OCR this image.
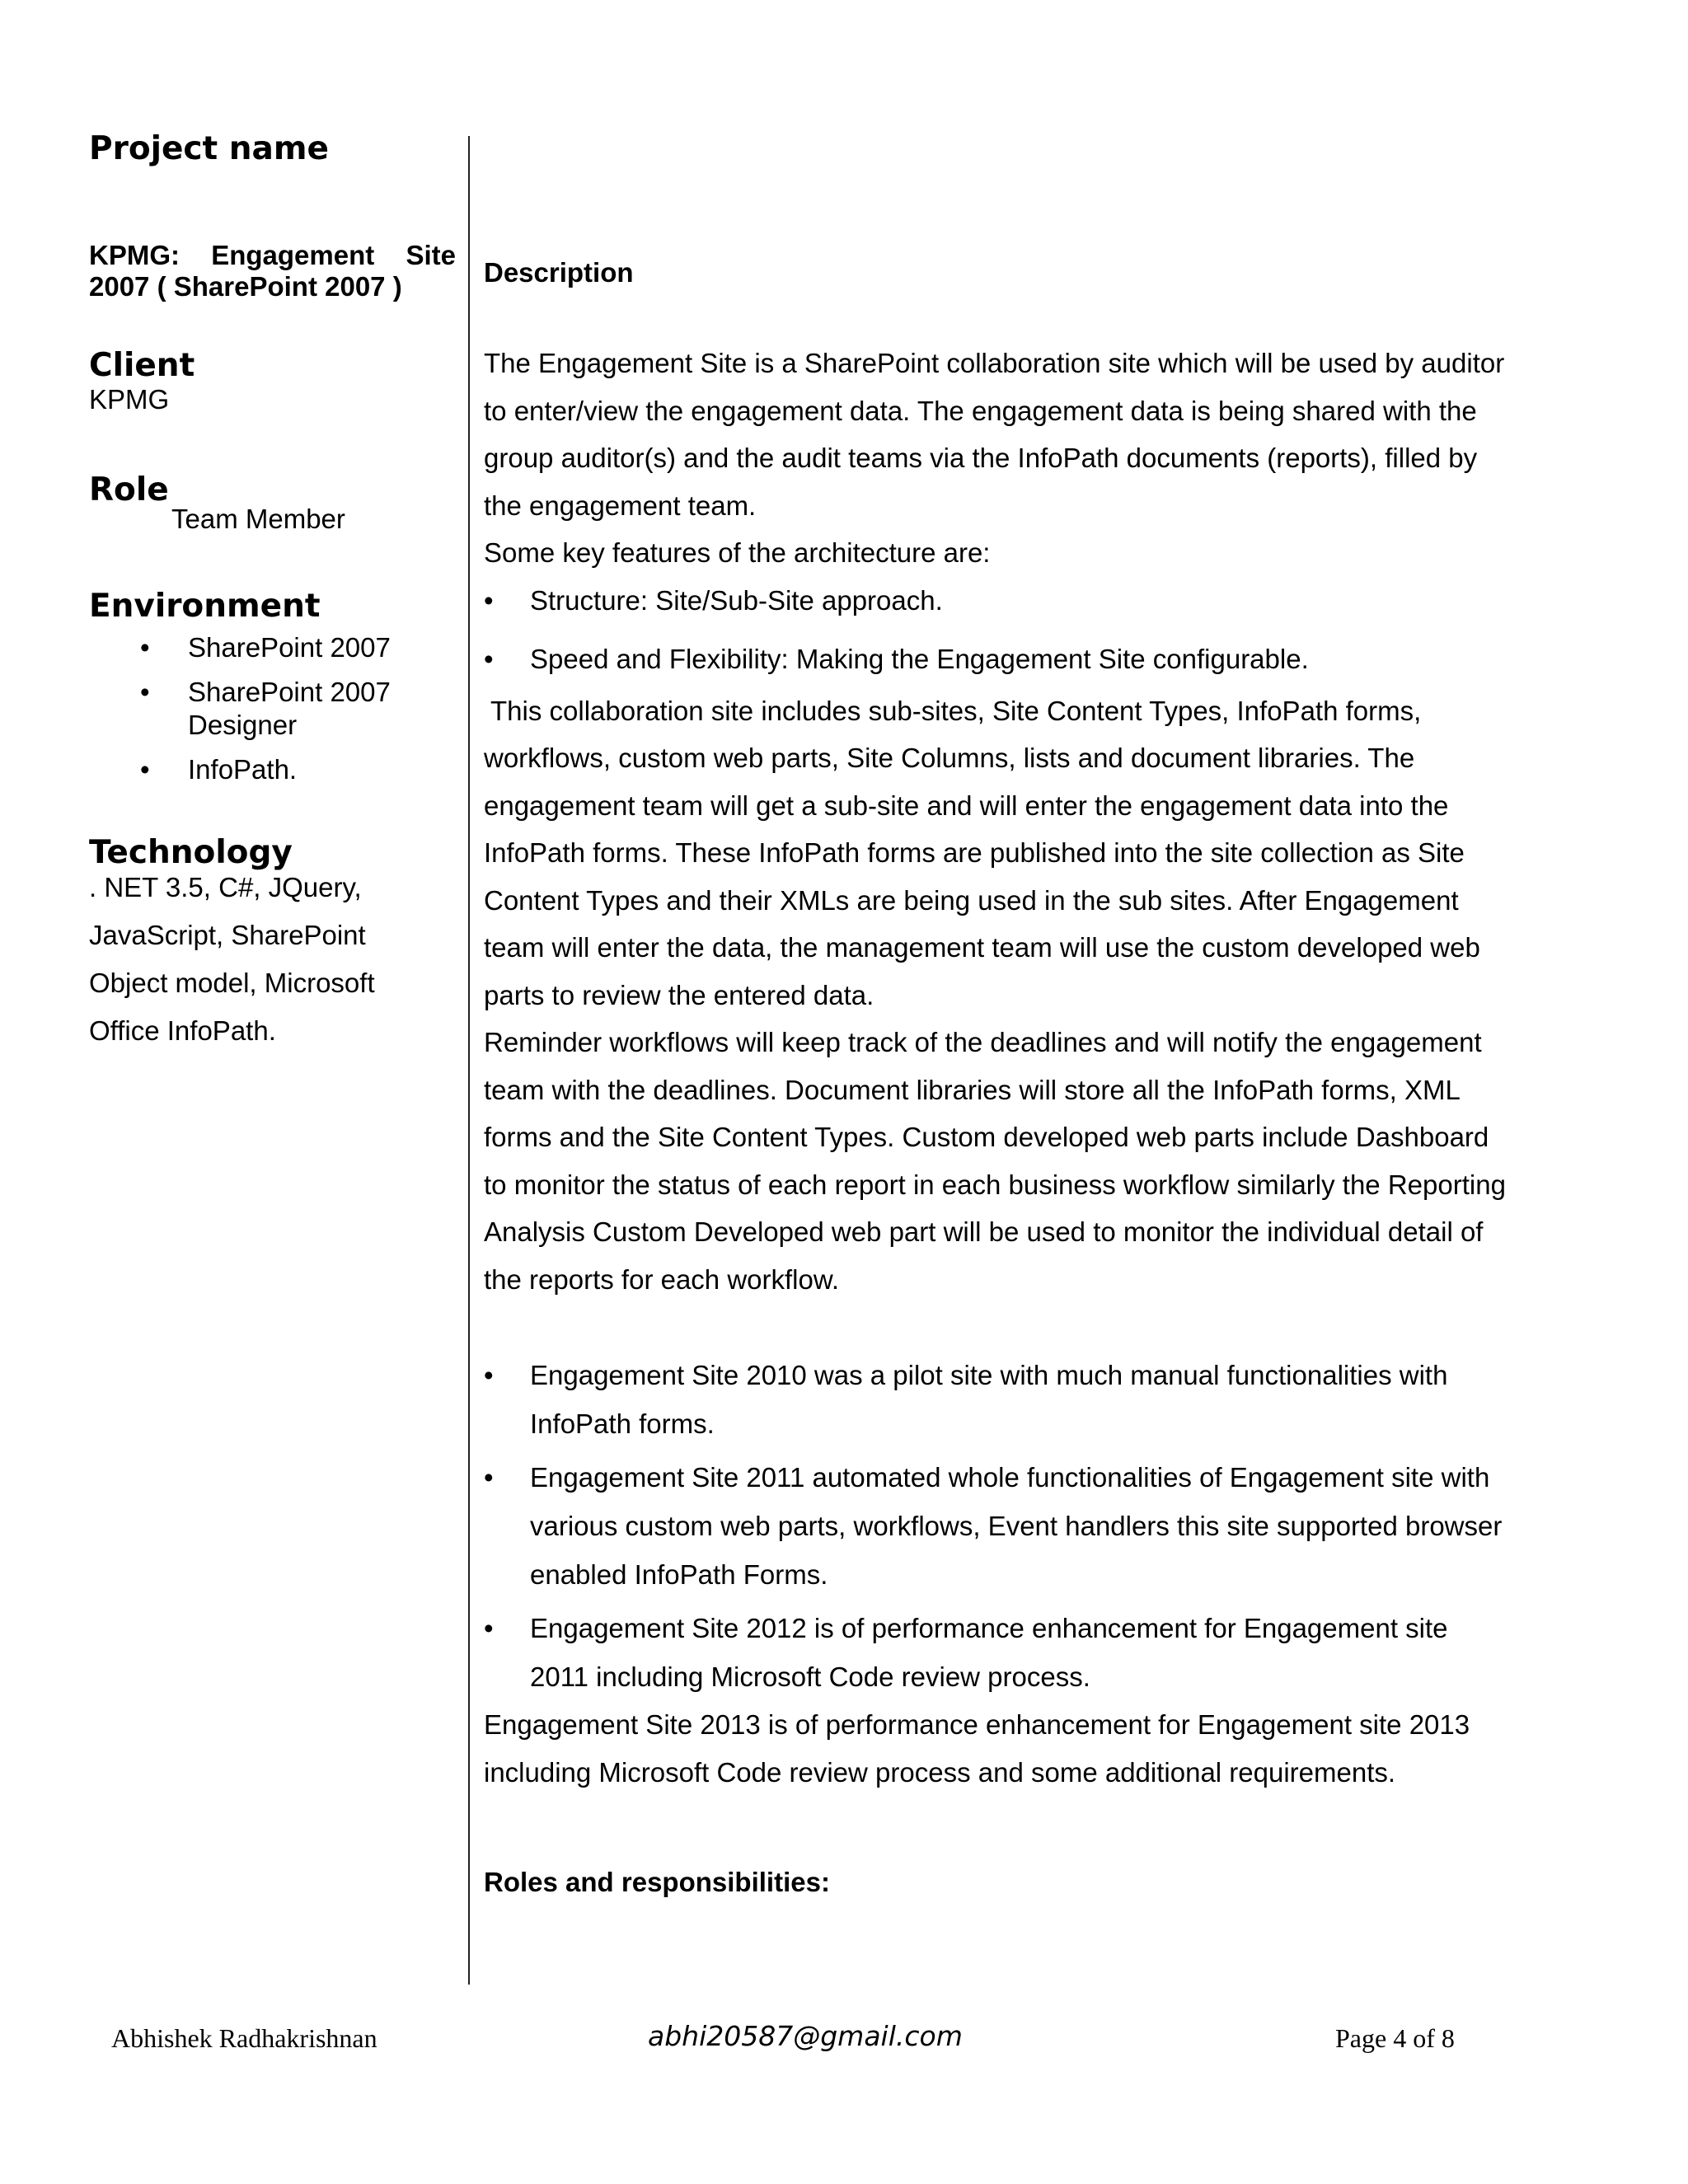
Project name
KPMG: Engagement Site
2007 ( SharePoint 2007 )
Client
KPMG
Role
Team Member
Environment
• SharePoint 2007
• SharePoint 2007 Designer
• InfoPath.
Technology
. NET 3.5, C#, JQuery, JavaScript, SharePoint Object model, Microsoft Office InfoPath.
Description

The Engagement Site is a SharePoint collaboration site which will be used by auditor to enter/view the engagement data. The engagement data is being shared with the group auditor(s) and the audit teams via the InfoPath documents (reports), filled by the engagement team.

Some key features of the architecture are:

• Structure: Site/Sub-Site approach.
• Speed and Flexibility: Making the Engagement Site configurable.

This collaboration site includes sub-sites, Site Content Types, InfoPath forms, workflows, custom web parts, Site Columns, lists and document libraries. The engagement team will get a sub-site and will enter the engagement data into the InfoPath forms. These InfoPath forms are published into the site collection as Site Content Types and their XMLs are being used in the sub sites. After Engagement team will enter the data, the management team will use the custom developed web parts to review the entered data.

Reminder workflows will keep track of the deadlines and will notify the engagement team with the deadlines. Document libraries will store all the InfoPath forms, XML forms and the Site Content Types. Custom developed web parts include Dashboard to monitor the status of each report in each business workflow similarly the Reporting Analysis Custom Developed web part will be used to monitor the individual detail of the reports for each workflow.

• Engagement Site 2010 was a pilot site with much manual functionalities with InfoPath forms.
• Engagement Site 2011 automated whole functionalities of Engagement site with various custom web parts, workflows, Event handlers this site supported browser enabled InfoPath Forms.
• Engagement Site 2012 is of performance enhancement for Engagement site 2011 including Microsoft Code review process.

Engagement Site 2013 is of performance enhancement for Engagement site 2013 including Microsoft Code review process and some additional requirements.

Roles and responsibilities:
Abhishek Radhakrishnan	abhi20587@gmail.com	Page 4 of 8
